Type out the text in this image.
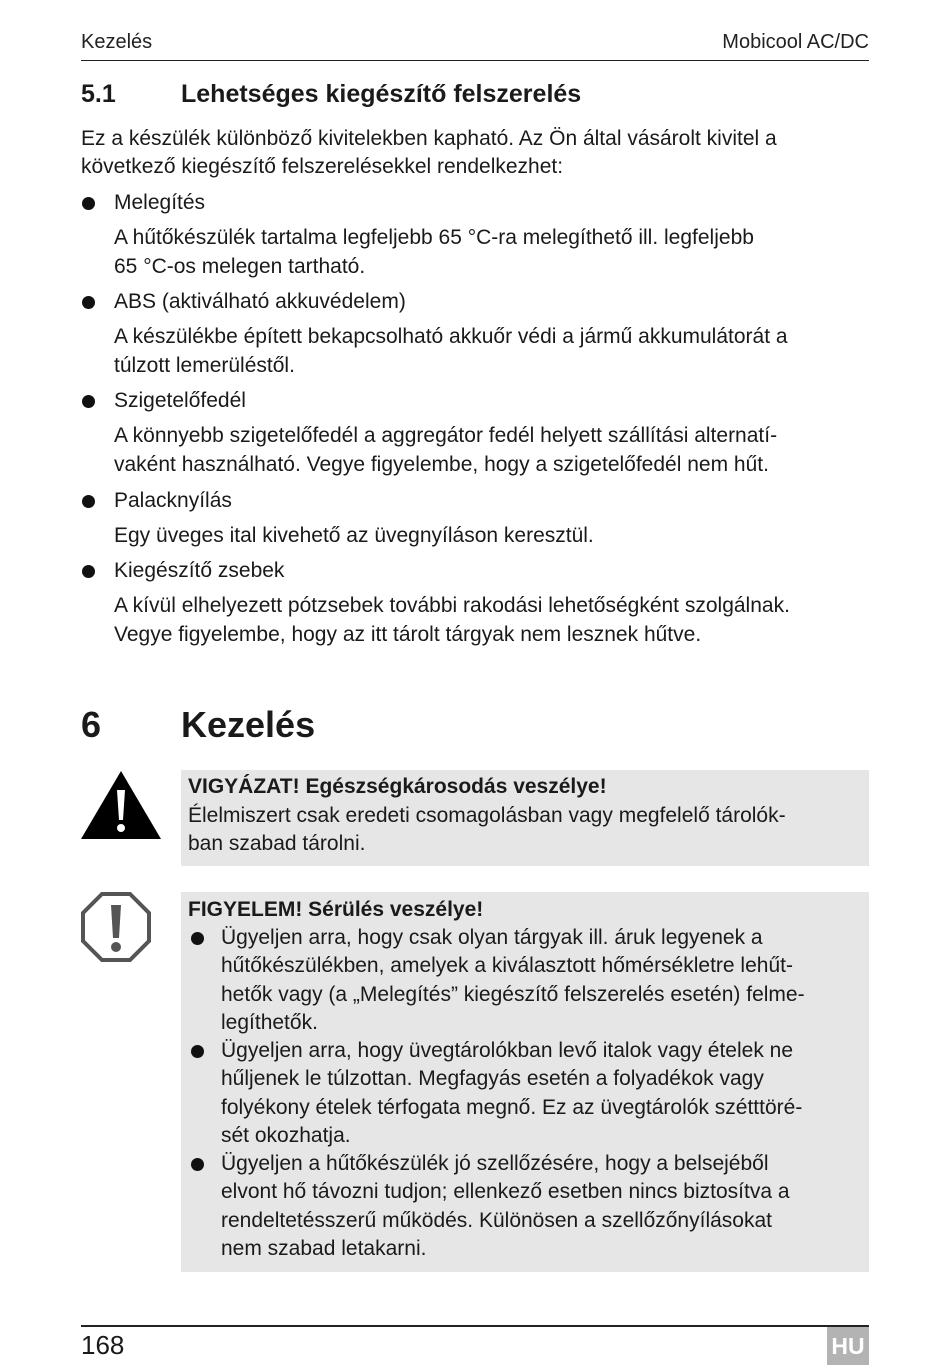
Kezelés	Mobicool AC/DC
5.1	Lehetséges kiegészítő felszerelés
Ez a készülék különböző kivitelekben kapható. Az Ön által vásárolt kivitel a
következő kiegészítő felszerelésekkel rendelkezhet:
Melegítés
A hűtőkészülék tartalma legfeljebb 65 °C-ra melegíthető ill. legfeljebb
65 °C-os melegen tartható.
ABS (aktiválható akkuvédelem)
A készülékbe épített bekapcsolható akkuőr védi a jármű akkumulátorát a
túlzott lemerüléstől.
Szigetelőfedél
A könnyebb szigetelőfedél a aggregátor fedél helyett szállítási alternatí-
vaként használható. Vegye figyelembe, hogy a szigetelőfedél nem hűt.
Palacknyílás
Egy üveges ital kivehető az üvegnyíláson keresztül.
Kiegészítő zsebek
A kívül elhelyezett pótzsebek további rakodási lehetőségként szolgálnak.
Vegye figyelembe, hogy az itt tárolt tárgyak nem lesznek hűtve.
6 Kezelés
VIGYÁZAT! Egészségkárosodás veszélye!
Élelmiszert csak eredeti csomagolásban vagy megfelelő tárolók-
ban szabad tárolni.
FIGYELEM! Sérülés veszélye!
Ügyeljen arra, hogy csak olyan tárgyak ill. áruk legyenek a
hűtőkészülékben, amelyek a kiválasztott hőmérsékletre lehűt-
hetők vagy (a „Melegítés” kiegészítő felszerelés esetén) felme-
legíthetők.
Ügyeljen arra, hogy üvegtárolókban levő italok vagy ételek ne
hűljenek le túlzottan. Megfagyás esetén a folyadékok vagy
folyékony ételek térfogata megnő. Ez az üvegtárolók szétttöré-
sét okozhatja.
Ügyeljen a hűtőkészülék jó szellőzésére, hogy a belsejéből
elvont hő távozni tudjon; ellenkező esetben nincs biztosítva a
rendeltetésszerű működés. Különösen a szellőzőnyílásokat
nem szabad letakarni.
168	HU
